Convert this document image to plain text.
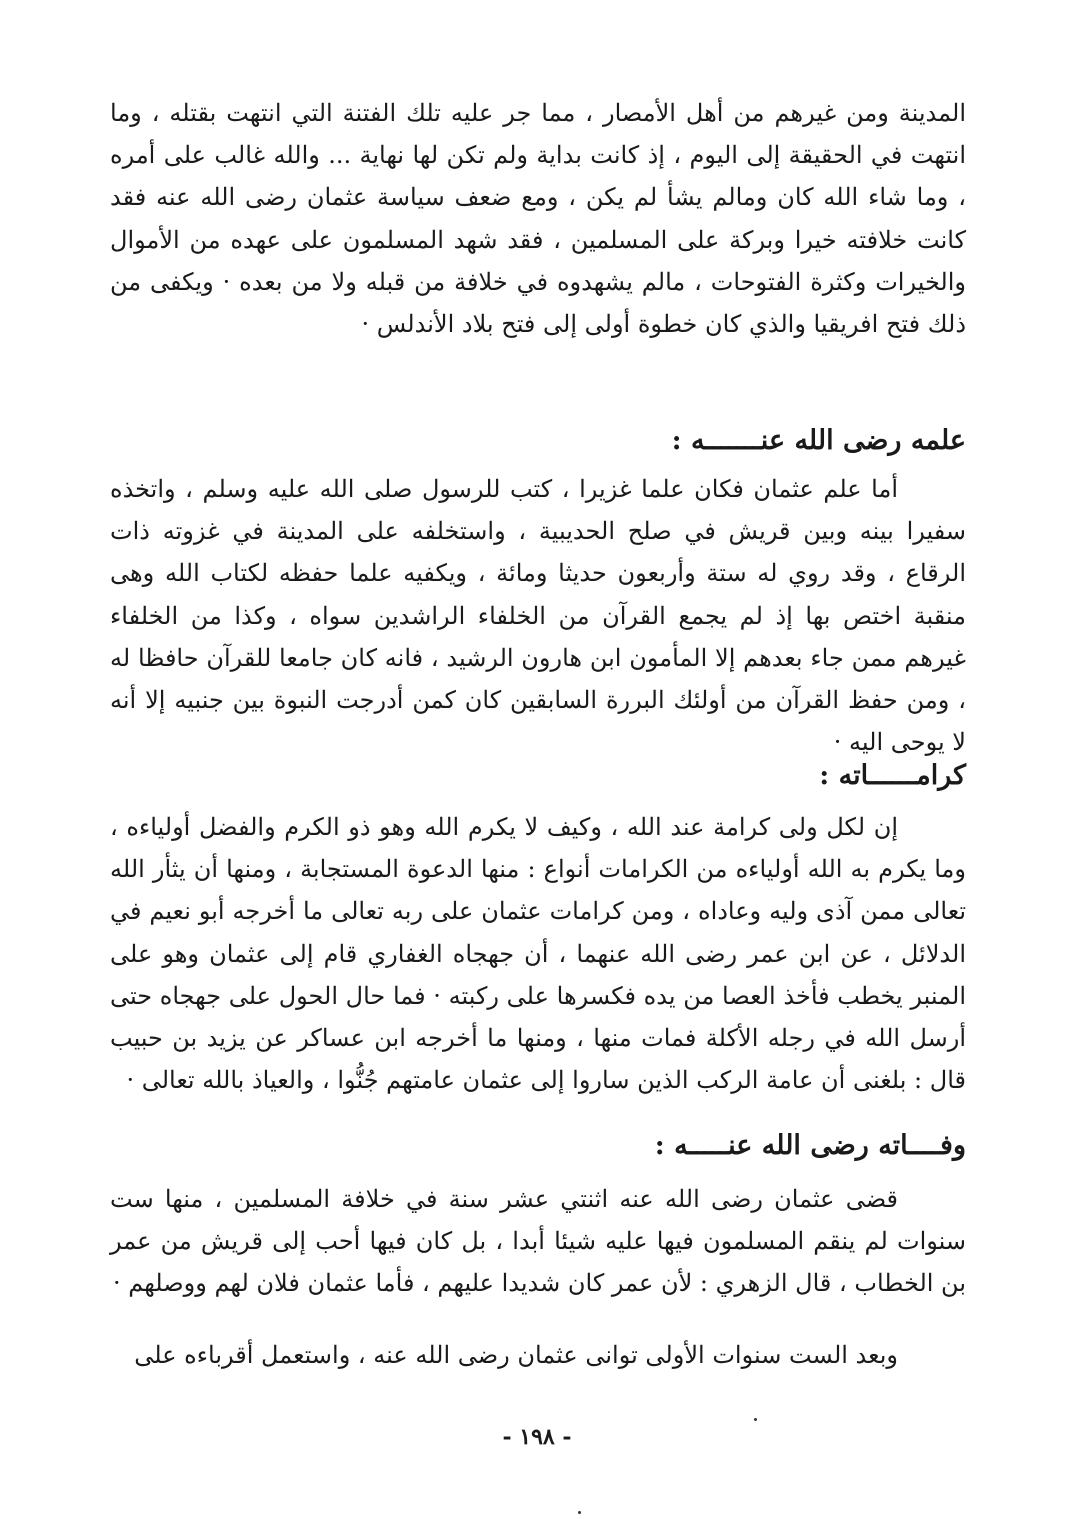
المدينة ومن غيرهم من أهل الأمصار ، مما جر عليه تلك الفتنة التي انتهت بقتله ، وما انتهت في الحقيقة إلى اليوم ، إذ كانت بداية ولم تكن لها نهاية ... والله غالب على أمره ، وما شاء الله كان ومالم يشأ لم يكن ، ومع ضعف سياسة عثمان رضى الله عنه فقد كانت خلافته خيرا وبركة على المسلمين ، فقد شهد المسلمون على عهده من الأموال والخيرات وكثرة الفتوحات ، مالم يشهدوه في خلافة من قبله ولا من بعده · ويكفى من ذلك فتح افريقيا والذي كان خطوة أولى إلى فتح بلاد الأندلس ·

علمه رضى الله عنـــــــه :

أما علم عثمان فكان علما غزيرا ، كتب للرسول صلى الله عليه وسلم ، واتخذه سفيرا بينه وبين قريش في صلح الحديبية ، واستخلفه على المدينة في غزوته ذات الرقاع ، وقد روي له ستة وأربعون حديثا ومائة ، ويكفيه علما حفظه لكتاب الله وهى منقبة اختص بها إذ لم يجمع القرآن من الخلفاء الراشدين سواه ، وكذا من الخلفاء غيرهم ممن جاء بعدهم إلا المأمون ابن هارون الرشيد ، فانه كان جامعا للقرآن حافظا له ، ومن حفظ القرآن من أولئك البررة السابقين كان كمن أدرجت النبوة بين جنبيه إلا أنه لا يوحى اليه ·

كرامــــــاته :

إن لكل ولى كرامة عند الله ، وكيف لا يكرم الله وهو ذو الكرم والفضل أولياءه ، وما يكرم به الله أولياءه من الكرامات أنواع : منها الدعوة المستجابة ، ومنها أن يثأر الله تعالى ممن آذى وليه وعاداه ، ومن كرامات عثمان على ربه تعالى ما أخرجه أبو نعيم في الدلائل ، عن ابن عمر رضى الله عنهما ، أن جهجاه الغفاري قام إلى عثمان وهو على المنبر يخطب فأخذ العصا من يده فكسرها على ركبته · فما حال الحول على جهجاه حتى أرسل الله في رجله الأكلة فمات منها ، ومنها ما أخرجه ابن عساكر عن يزيد بن حبيب قال : بلغنى أن عامة الركب الذين ساروا إلى عثمان عامتهم جُنُّوا ، والعياذ بالله تعالى ·

وفــــاته رضى الله عنـــــه :

قضى عثمان رضى الله عنه اثنتي عشر سنة في خلافة المسلمين ، منها ست سنوات لم ينقم المسلمون فيها عليه شيئا أبدا ، بل كان فيها أحب إلى قريش من عمر بن الخطاب ، قال الزهري : لأن عمر كان شديدا عليهم ، فأما عثمان فلان لهم ووصلهم ·

وبعد الست سنوات الأولى توانى عثمان رضى الله عنه ، واستعمل أقرباءه على

- ١٩٨ -
